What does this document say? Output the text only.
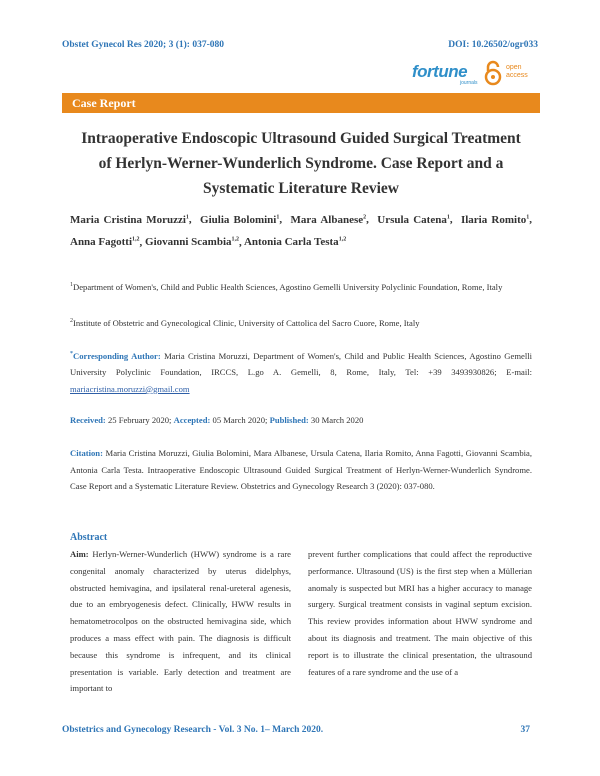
Obstet Gynecol Res 2020; 3 (1): 037-080	DOI: 10.26502/ogr033
fortune
journals
open
access
Case Report
Intraoperative Endoscopic Ultrasound Guided Surgical Treatment
of Herlyn-Werner-Wunderlich Syndrome. Case Report and a
Systematic Literature Review
Maria Cristina Moruzzi$^1$,  Giulia Bolomini$^1$,  Mara Albanese$^2$,  Ursula Catena$^1$,  Ilaria Romito$^1$, Anna Fagotti$^{1,2}$, Giovanni Scambia$^{1,2}$, Antonia Carla Testa$^{1,2}$
$^1$Department of Women's, Child and Public Health Sciences, Agostino Gemelli University Polyclinic Foundation, Rome, Italy
$^2$Institute of Obstetric and Gynecological Clinic, University of Cattolica del Sacro Cuore, Rome, Italy
*Corresponding Author: Maria Cristina Moruzzi, Department of Women's, Child and Public Health Sciences, Agostino Gemelli University Polyclinic Foundation, IRCCS, L.go A. Gemelli, 8, Rome, Italy, Tel: +39 3493930826; E-mail: mariacristina.moruzzi@gmail.com
Received: 25 February 2020; Accepted: 05 March 2020; Published: 30 March 2020
Citation: Maria Cristina Moruzzi, Giulia Bolomini, Mara Albanese, Ursula Catena, Ilaria Romito, Anna Fagotti, Giovanni Scambia, Antonia Carla Testa. Intraoperative Endoscopic Ultrasound Guided Surgical Treatment of Herlyn-Werner-Wunderlich Syndrome. Case Report and a Systematic Literature Review. Obstetrics and Gynecology Research 3 (2020): 037-080.
Abstract
Aim: Herlyn-Werner-Wunderlich (HWW) syndrome is a rare congenital anomaly characterized by uterus didelphys, obstructed hemivagina, and ipsilateral renal-ureteral agenesis, due to an embryogenesis defect. Clinically, HWW results in hematometrocolpos on the obstructed hemivagina side, which produces a mass effect with pain. The diagnosis is difficult because this syndrome is infrequent, and its clinical presentation is variable. Early detection and treatment are important to
prevent further complications that could affect the reproductive performance. Ultrasound (US) is the first step when a Müllerian anomaly is suspected but MRI has a higher accuracy to manage surgery. Surgical treatment consists in vaginal septum excision. This review provides information about HWW syndrome and about its diagnosis and treatment. The main objective of this report is to illustrate the clinical presentation, the ultrasound features of a rare syndrome and the use of a
Obstetrics and Gynecology Research - Vol. 3 No. 1– March 2020.	37
